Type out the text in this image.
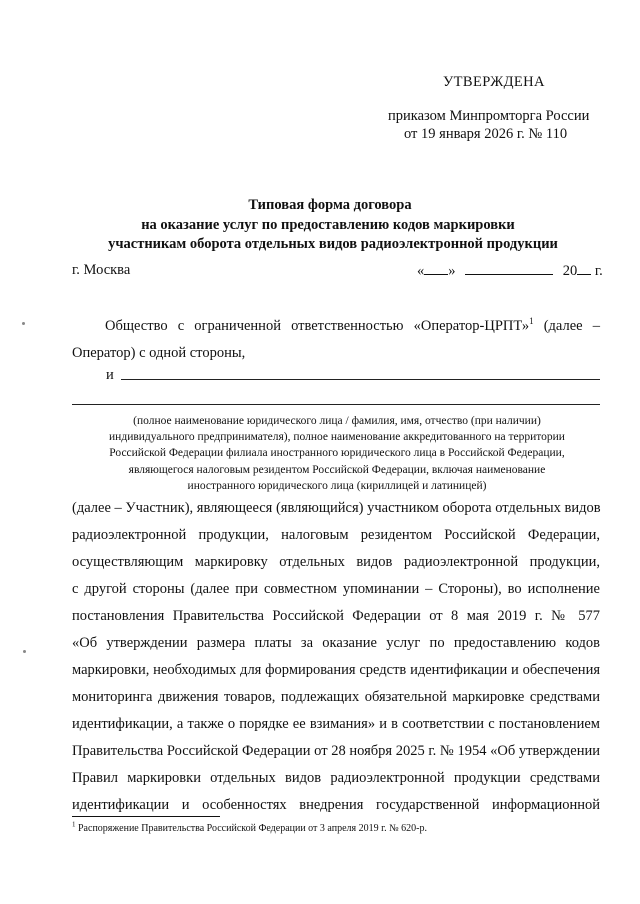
УТВЕРЖДЕНА
приказом Минпромторга России
от 19 января 2026 г. № 110
Типовая форма договора
на оказание услуг по предоставлению кодов маркировки
участникам оборота отдельных видов радиоэлектронной продукции
г. Москва	« »	20 г.
Общество с ограниченной ответственностью «Оператор-ЦРПТ»$^1$ (далее –
Оператор) с одной стороны,
и
(полное наименование юридического лица / фамилия, имя, отчество (при наличии)
индивидуального предпринимателя), полное наименование аккредитованного на территории
Российской Федерации филиала иностранного юридического лица в Российской Федерации,
являющегося налоговым резидентом Российской Федерации, включая наименование
иностранного юридического лица (кириллицей и латиницей)
(далее – Участник), являющееся (являющийся) участником оборота отдельных видов
радиоэлектронной продукции, налоговым резидентом Российской Федерации,
осуществляющим маркировку отдельных видов радиоэлектронной продукции,
с другой стороны (далее при совместном упоминании – Стороны), во исполнение
постановления Правительства Российской Федерации от 8 мая 2019 г. № 577
«Об утверждении размера платы за оказание услуг по предоставлению кодов
маркировки, необходимых для формирования средств идентификации и обеспечения
мониторинга движения товаров, подлежащих обязательной маркировке средствами
идентификации, а также о порядке ее взимания» и в соответствии с постановлением
Правительства Российской Федерации от 28 ноября 2025 г. № 1954 «Об утверждении
Правил маркировки отдельных видов радиоэлектронной продукции средствами
идентификации и особенностях внедрения государственной информационной
$^1$ Распоряжение Правительства Российской Федерации от 3 апреля 2019 г. № 620-р.
